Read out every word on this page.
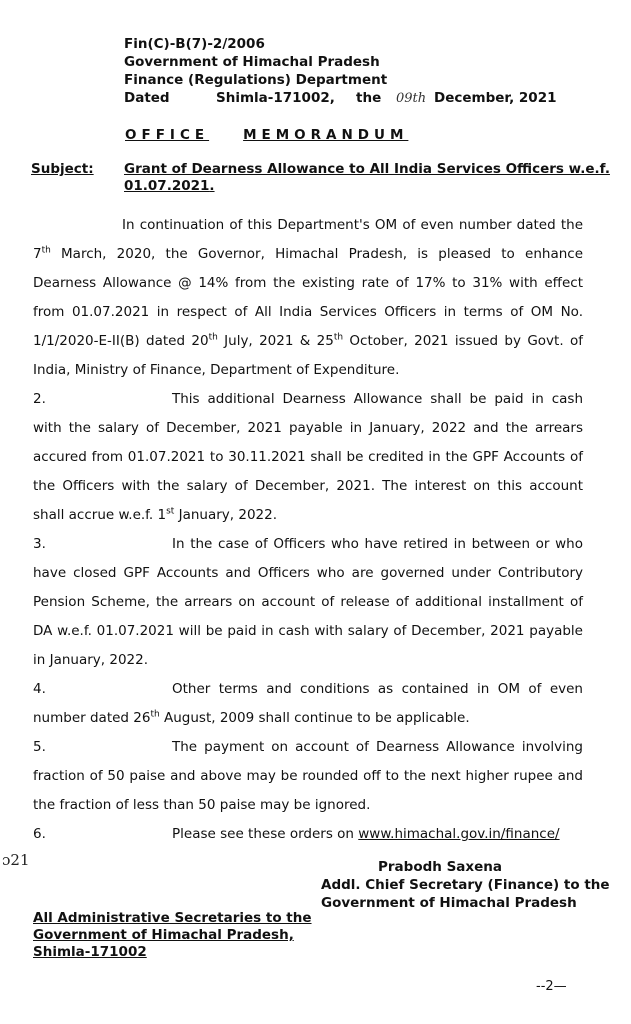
Fin(C)-B(7)-2/2006
Government of Himachal Pradesh
Finance (Regulations) Department
Dated	Shimla-171002, the 09th December, 2021
OFFICE	MEMORANDUM
Subject: Grant of Dearness Allowance to All India Services Officers w.e.f. 01.07.2021.

In continuation of this Department's OM of even number dated the 7th March, 2020, the Governor, Himachal Pradesh, is pleased to enhance Dearness Allowance @ 14% from the existing rate of 17% to 31% with effect from 01.07.2021 in respect of All India Services Officers in terms of OM No. 1/1/2020-E-II(B) dated 20th July, 2021 & 25th October, 2021 issued by Govt. of India, Ministry of Finance, Department of Expenditure.

2.	This additional Dearness Allowance shall be paid in cash with the salary of December, 2021 payable in January, 2022 and the arrears accured from 01.07.2021 to 30.11.2021 shall be credited in the GPF Accounts of the Officers with the salary of December, 2021. The interest on this account shall accrue w.e.f. 1st January, 2022.

3.	In the case of Officers who have retired in between or who have closed GPF Accounts and Officers who are governed under Contributory Pension Scheme, the arrears on account of release of additional installment of DA w.e.f. 01.07.2021 will be paid in cash with salary of December, 2021 payable in January, 2022.

4.	Other terms and conditions as contained in OM of even number dated 26th August, 2009 shall continue to be applicable.

5.	The payment on account of Dearness Allowance involving fraction of 50 paise and above may be rounded off to the next higher rupee and the fraction of less than 50 paise may be ignored.

6.	Please see these orders on www.himachal.gov.in/finance/

ɔ21	Prabodh Saxena
Addl. Chief Secretary (Finance) to the
Government of Himachal Pradesh
All Administrative Secretaries to the
Government of Himachal Pradesh,
Shimla-171002
--2—
